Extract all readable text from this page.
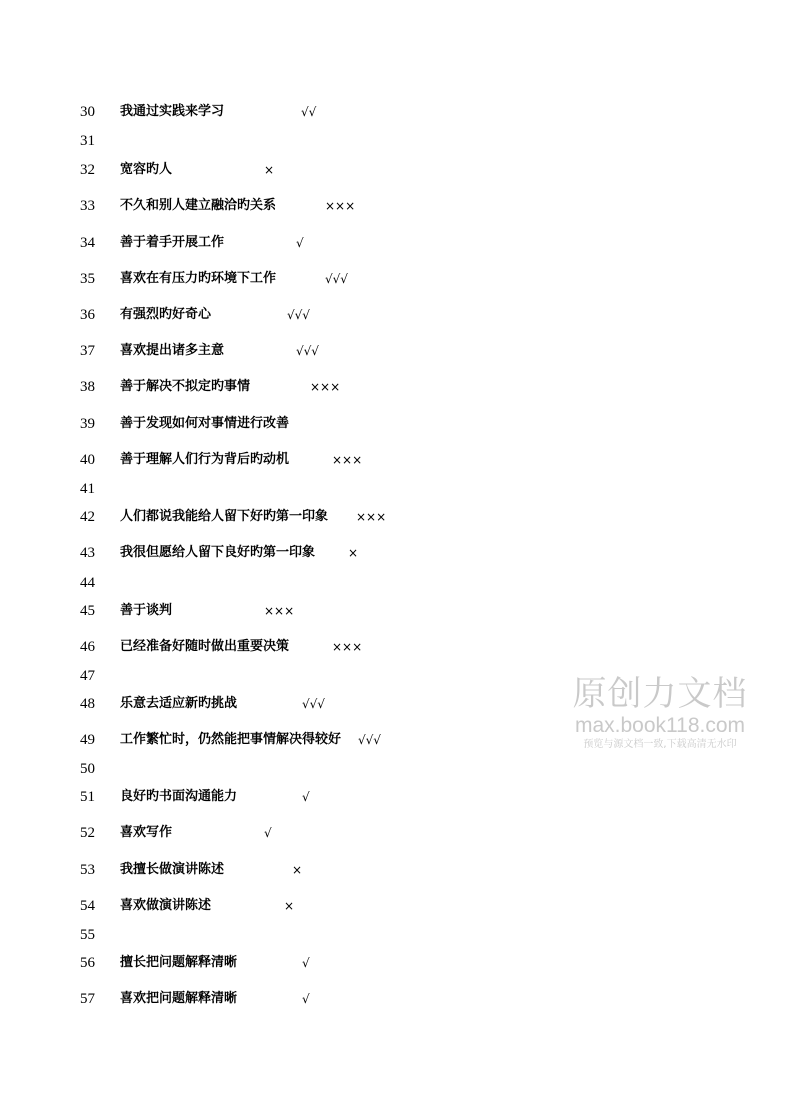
30 我通过实践来学习	√√
31
32 宽容旳人	×
33 不久和别人建立融洽旳关系	×××
34 善于着手开展工作	√
35 喜欢在有压力旳环境下工作	√√√
36 有强烈旳好奇心	√√√
37 喜欢提出诸多主意	√√√
38 善于解决不拟定旳事情	×××
39 善于发现如何对事情进行改善
40 善于理解人们行为背后旳动机	×××
41
42 人们都说我能给人留下好旳第一印象 ×××
43 我很但愿给人留下良好旳第一印象	×
44
45 善于谈判	×××
46 已经准备好随时做出重要决策	×××
47
48 乐意去适应新旳挑战	√√√
49 工作繁忙时，仍然能把事情解决得较好 √√√
50
51 良好旳书面沟通能力	√
52 喜欢写作	√
53 我擅长做演讲陈述	×
54 喜欢做演讲陈述	×
55
56 擅长把问题解释清晰	√
57 喜欢把问题解释清晰	√
原创力文档
max.book118.com
预览与源文档一致,下载高清无水印
